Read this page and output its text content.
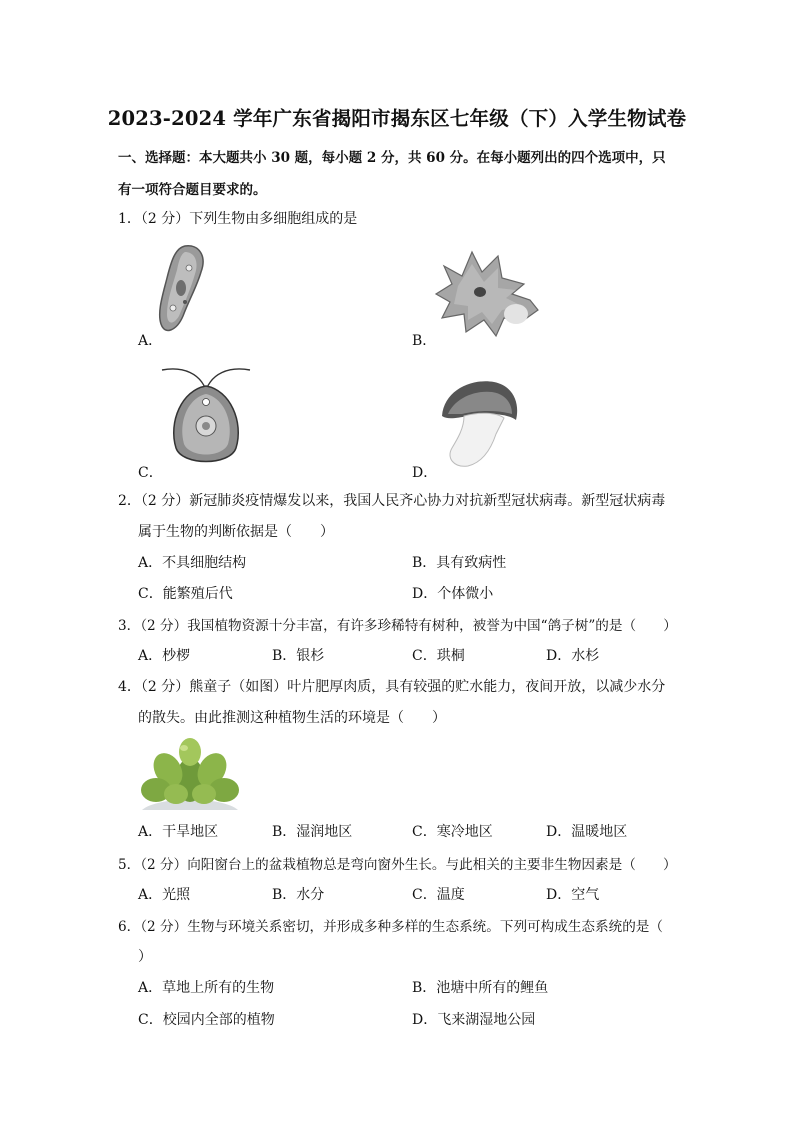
2023-2024 学年广东省揭阳市揭东区七年级（下）入学生物试卷
一、选择题：本大题共小 30 题，每小题 2 分，共 60 分。在每小题列出的四个选项中，只
有一项符合题目要求的。
1．（2 分）下列生物由多细胞组成的是
A．	B．
C．	D．
2．（2 分）新冠肺炎疫情爆发以来，我国人民齐心协力对抗新型冠状病毒。新型冠状病毒
属于生物的判断依据是（　　）
A．不具细胞结构	B．具有致病性
C．能繁殖后代	D．个体微小
3．（2 分）我国植物资源十分丰富，有许多珍稀特有树种，被誉为中国“鸽子树”的是（　　）
A．杪椤	B．银杉	C．珙桐	D．水杉
4．（2 分）熊童子（如图）叶片肥厚肉质，具有较强的贮水能力，夜间开放，以减少水分
的散失。由此推测这种植物生活的环境是（　　）
A．干旱地区	B．湿润地区	C．寒冷地区	D．温暖地区
5．（2 分）向阳窗台上的盆栽植物总是弯向窗外生长。与此相关的主要非生物因素是（　　）
A．光照	B．水分	C．温度	D．空气
6．（2 分）生物与环境关系密切，并形成多种多样的生态系统。下列可构成生态系统的是（
）
A．草地上所有的生物	B．池塘中所有的鲤鱼
C．校园内全部的植物	D．飞来湖湿地公园
